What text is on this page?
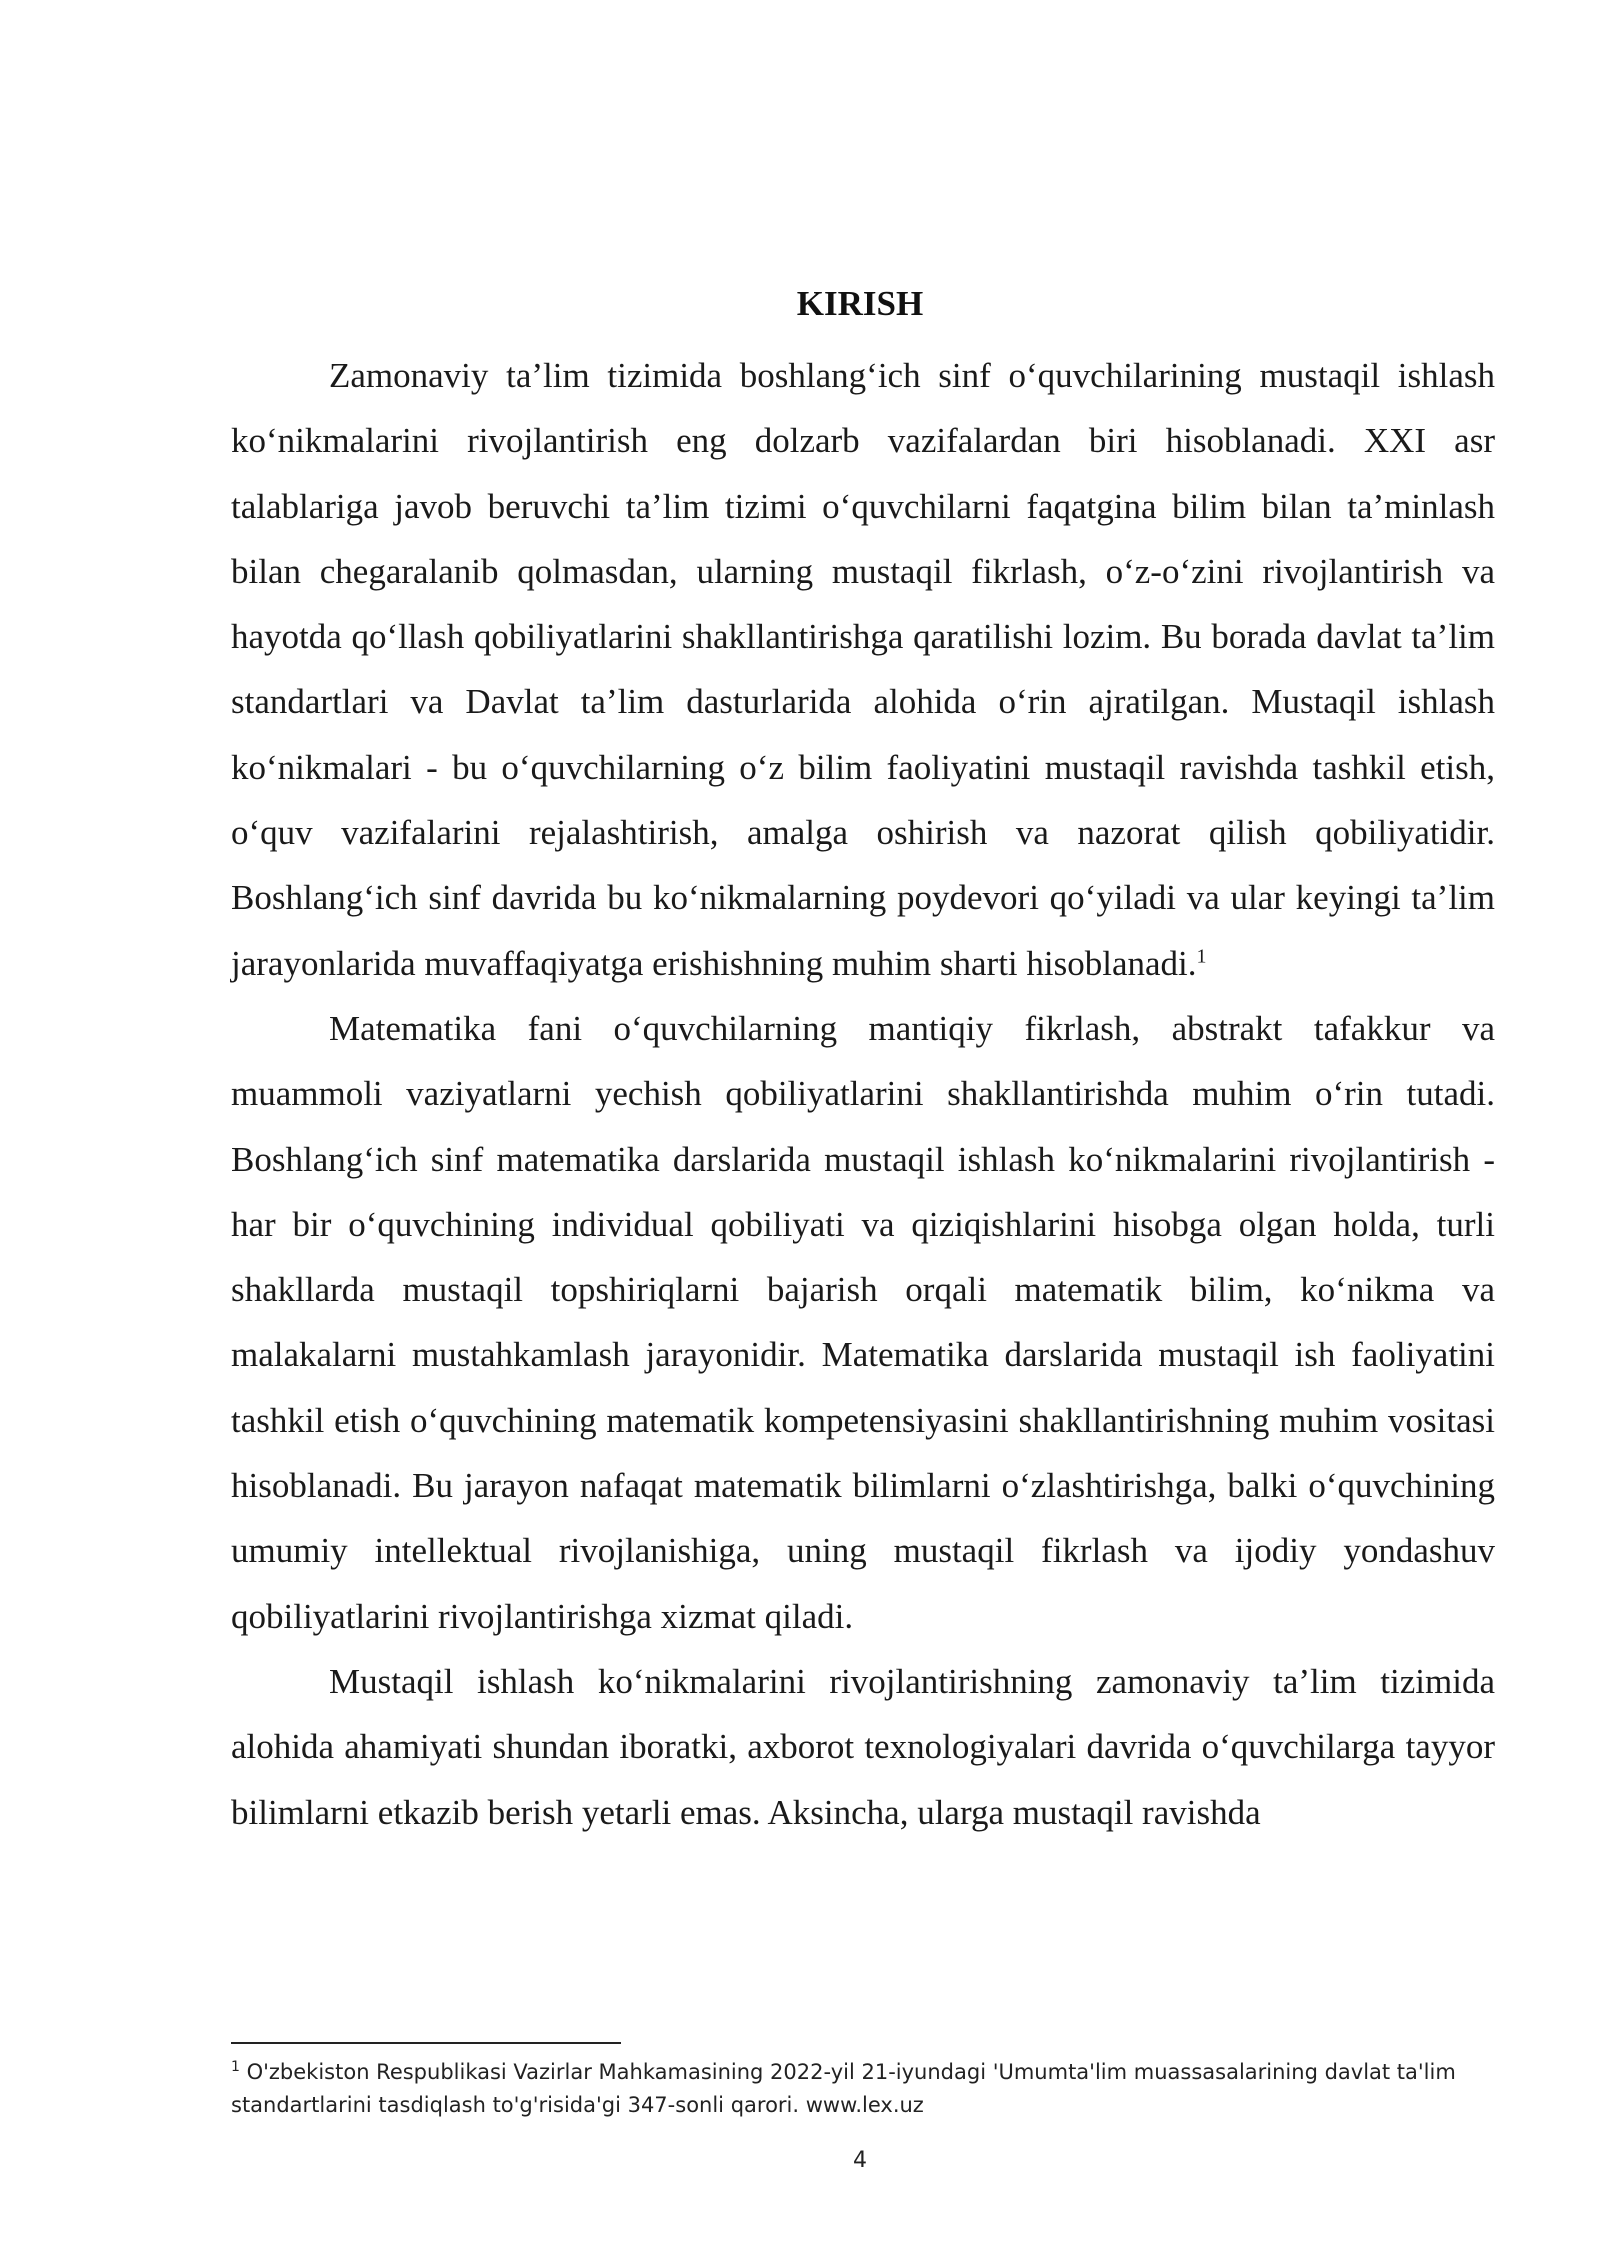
KIRISH

Zamonaviy ta’lim tizimida boshlang‘ich sinf o‘quvchilarining mustaqil ishlash ko‘nikmalarini rivojlantirish eng dolzarb vazifalardan biri hisoblanadi. XXI asr talablariga javob beruvchi ta’lim tizimi o‘quvchilarni faqatgina bilim bilan ta’minlash bilan chegaralanib qolmasdan, ularning mustaqil fikrlash, o‘z-o‘zini rivojlantirish va hayotda qo‘llash qobiliyatlarini shakllantirishga qaratilishi lozim. Bu borada davlat ta’lim standartlari va Davlat ta’lim dasturlarida alohida o‘rin ajratilgan. Mustaqil ishlash ko‘nikmalari - bu o‘quvchilarning o‘z bilim faoliyatini mustaqil ravishda tashkil etish, o‘quv vazifalarini rejalashtirish, amalga oshirish va nazorat qilish qobiliyatidir. Boshlang‘ich sinf davrida bu ko‘nikmalarning poydevori qo‘yiladi va ular keyingi ta’lim jarayonlarida muvaffaqiyatga erishishning muhim sharti hisoblanadi.$^1$

Matematika fani o‘quvchilarning mantiqiy fikrlash, abstrakt tafakkur va muammoli vaziyatlarni yechish qobiliyatlarini shakllantirishda muhim o‘rin tutadi. Boshlang‘ich sinf matematika darslarida mustaqil ishlash ko‘nikmalarini rivojlantirish - har bir o‘quvchining individual qobiliyati va qiziqishlarini hisobga olgan holda, turli shakllarda mustaqil topshiriqlarni bajarish orqali matematik bilim, ko‘nikma va malakalarni mustahkamlash jarayonidir. Matematika darslarida mustaqil ish faoliyatini tashkil etish o‘quvchining matematik kompetensiyasini shakllantirishning muhim vositasi hisoblanadi. Bu jarayon nafaqat matematik bilimlarni o‘zlashtirishga, balki o‘quvchining umumiy intellektual rivojlanishiga, uning mustaqil fikrlash va ijodiy yondashuv qobiliyatlarini rivojlantirishga xizmat qiladi.

Mustaqil ishlash ko‘nikmalarini rivojlantirishning zamonaviy ta’lim tizimida alohida ahamiyati shundan iboratki, axborot texnologiyalari davrida o‘quvchilarga tayyor bilimlarni etkazib berish yetarli emas. Aksincha, ularga mustaqil ravishda

$^1$ O'zbekiston Respublikasi Vazirlar Mahkamasining 2022-yil 21-iyundagi 'Umumta'lim muassasalarining davlat ta'lim standartlarini tasdiqlash to'g'risida'gi 347-sonli qarori. www.lex.uz
4
